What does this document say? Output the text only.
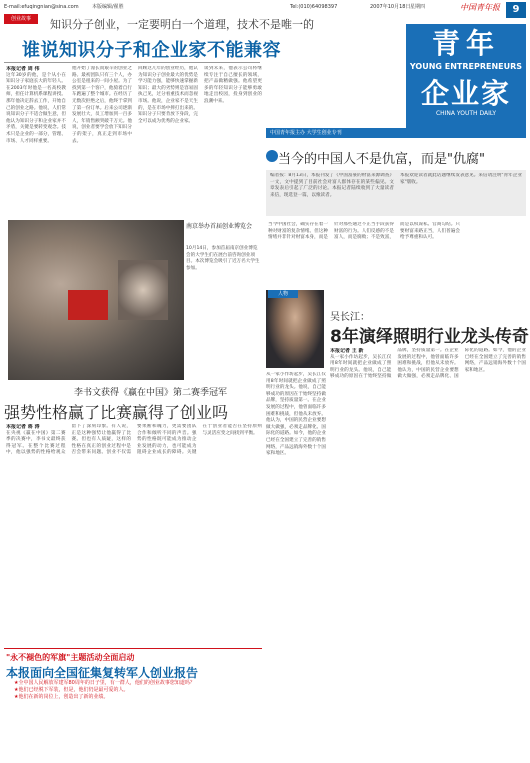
E-mail:efuqingnian@sina.com	本版编辑/翟胜	Tel:(010)64098397	2007年10月18日 星期四	中国青年报	9
创业故事	知识分子创业，一定要明白一个道理，技术不是唯一的
谁说知识分子和企业家不能兼容	青年
YOUNG ENTREPRENEURS
企业家
CHINA YOUTH DAILY
本报记者 周 伟
这年30岁的他，是个从小在知识分子家庭长大的年轻人。在2003年时他是一名高校教师，担任计算机系课程讲授。那年他决定辞去工作，开始自己的创业之路。他说，人们常说知识分子不适合做生意，但他认为知识分子和企业家并不矛盾，关键是要转变观念。技术只是企业的一部分，管理、市场、人才同样重要。
他开始了漫长而艰辛的创业之路。最初团队只有三个人，办公室是租来的一间小屋。为了找到第一个客户，他骑着自行车跑遍了整个城市。在经历了无数次拒绝之后，他终于拿到了第一份订单。后来公司逐渐发展壮大，员工增加到一百多人，年销售额突破千万元。他说，创业者要学会放下知识分子的架子，真正走到市场中去。
回顾这几年的创业经历，他认为知识分子创业最大的优势是学习能力强，能够快速掌握新知识；最大的劣势则是容易固执己见，过分看重技术而忽视市场。他说，企业家不是天生的，是在市场中摔打出来的。知识分子只要肯放下身段，完全可以成为优秀的企业家。
谈到未来，他表示公司将继续专注于自己擅长的领域，把产品做精做强。他希望更多的年轻知识分子能够勇敢地走出校园，投身到创业的浪潮中来。
中国青年报主办 大学生创业专刊
当今的中国人不是仇富，而是"仇腐"
编者按：8月13日，本报刊发了《中国富豪的财富来源调查》一文，文中提到了目前社会对富人群体存在的某些偏见。文章发表后引起了广泛的讨论。本报记者陆续收到了大量读者来信，现选登一篇，以飨读者。
本报欢迎读者就此话题继续发表意见。来信请注明"青年企业家"版收。
当今中国社会，确实存在着一种对财富的复杂情绪。但这种情绪并非针对财富本身，而是针对那些通过不正当手段获得财富的行为。人们反感的不是富人，而是腐败；不是致富，而是以权谋私、官商勾结。只要财富来路正当，人们普遍会给予尊重和认可。
南京举办首届创业博览会
10月14日，参加首届南京创业博览会的大学生们在展台前咨询创业项目。本次博览会吸引了近万名大学生参加。
李书文获得《赢在中国》第二赛季冠军
强势性格赢了比赛赢得了创业吗
本报记者 蒋 涛
在央视《赢在中国》第二赛季的决赛中，李书文最终获得冠军。在整个比赛过程中，他以强势的性格给观众留下了深刻印象。有人说，正是这种强势让他赢得了比赛。但也有人质疑，这样的性格在真正的创业过程中是否会带来问题。创业不仅需要果断和魄力，更需要团队合作和倾听不同的声音。强势的性格既可能成为推动企业发展的动力，也可能成为阻碍企业成长的障碍。关键在于创业者能否在坚持原则与灵活应变之间找到平衡。
"永不褪色的军旗"主题活动全面启动
本报面向全国征集复转军人创业报告
★全中国人民解放军建军80周年的日子里，有一群人，他们的创业故事您知道吗？
★他们已经脱下军装，但是，他们仍是最可爱的人。
★他们在新的岗位上，创造出了新的业绩。
人物
吴长江：
8年演绎照明行业龙头传奇
本报记者 王 新
从一家小作坊起步，吴长江仅用8年时间就把企业做成了照明行业的龙头。他说，自己能够成功的原因在于始终坚持做品牌，坚持质量第一。在企业发展的过程中，他曾面临许多困难和挑战，但他从未放弃。他认为，中国的民营企业要想做大做强，必须走品牌化、国际化的道路。如今，他的企业已经在全国建立了完善的销售网络，产品远销海外数十个国家和地区。
从一家小作坊起步，吴长江仅用8年时间就把企业做成了照明行业的龙头。他说，自己能够成功的原因在于始终坚持做品牌，坚持质量第一。在企业发展的过程中，他曾面临许多困难和挑战，但他从未放弃。他认为，中国的民营企业要想做大做强，必须走品牌化、国际化的道路。如今，他的企业已经在全国建立了完善的销售网络，产品远销海外数十个国家和地区。
